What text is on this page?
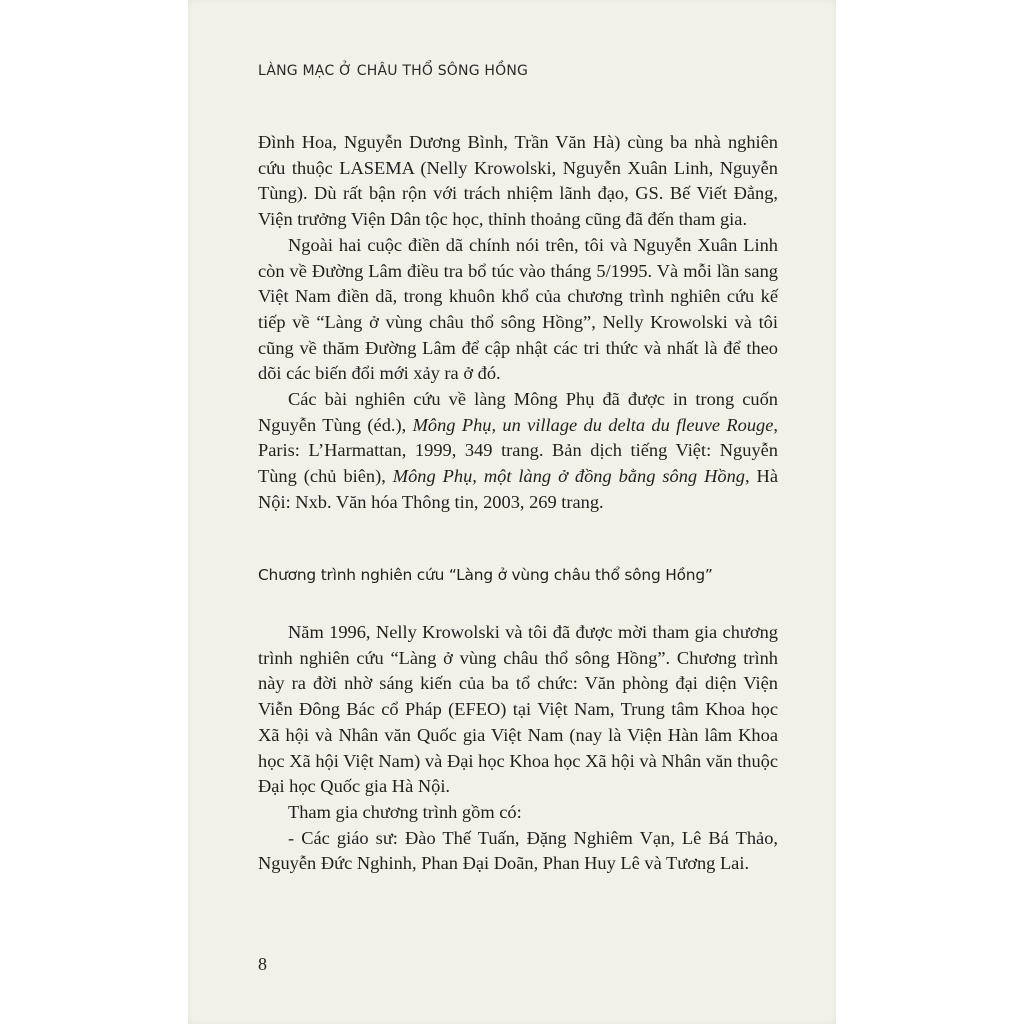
LÀNG MẠC Ở CHÂU THỔ SÔNG HỒNG

Đình Hoa, Nguyễn Dương Bình, Trần Văn Hà) cùng ba nhà nghiên cứu thuộc LASEMA (Nelly Krowolski, Nguyễn Xuân Linh, Nguyễn Tùng). Dù rất bận rộn với trách nhiệm lãnh đạo, GS. Bế Viết Đẳng, Viện trưởng Viện Dân tộc học, thỉnh thoảng cũng đã đến tham gia.

Ngoài hai cuộc điền dã chính nói trên, tôi và Nguyễn Xuân Linh còn về Đường Lâm điều tra bổ túc vào tháng 5/1995. Và mỗi lần sang Việt Nam điền dã, trong khuôn khổ của chương trình nghiên cứu kế tiếp về “Làng ở vùng châu thổ sông Hồng”, Nelly Krowolski và tôi cũng về thăm Đường Lâm để cập nhật các tri thức và nhất là để theo dõi các biến đổi mới xảy ra ở đó.

Các bài nghiên cứu về làng Mông Phụ đã được in trong cuốn Nguyễn Tùng (éd.), Mông Phụ, un village du delta du fleuve Rouge, Paris: L’Harmattan, 1999, 349 trang. Bản dịch tiếng Việt: Nguyễn Tùng (chủ biên), Mông Phụ, một làng ở đồng bằng sông Hồng, Hà Nội: Nxb. Văn hóa Thông tin, 2003, 269 trang.

Chương trình nghiên cứu “Làng ở vùng châu thổ sông Hồng”

Năm 1996, Nelly Krowolski và tôi đã được mời tham gia chương trình nghiên cứu “Làng ở vùng châu thổ sông Hồng”. Chương trình này ra đời nhờ sáng kiến của ba tổ chức: Văn phòng đại diện Viện Viễn Đông Bác cổ Pháp (EFEO) tại Việt Nam, Trung tâm Khoa học Xã hội và Nhân văn Quốc gia Việt Nam (nay là Viện Hàn lâm Khoa học Xã hội Việt Nam) và Đại học Khoa học Xã hội và Nhân văn thuộc Đại học Quốc gia Hà Nội.

Tham gia chương trình gồm có:

- Các giáo sư: Đào Thế Tuấn, Đặng Nghiêm Vạn, Lê Bá Thảo, Nguyễn Đức Nghinh, Phan Đại Doãn, Phan Huy Lê và Tương Lai.

8
